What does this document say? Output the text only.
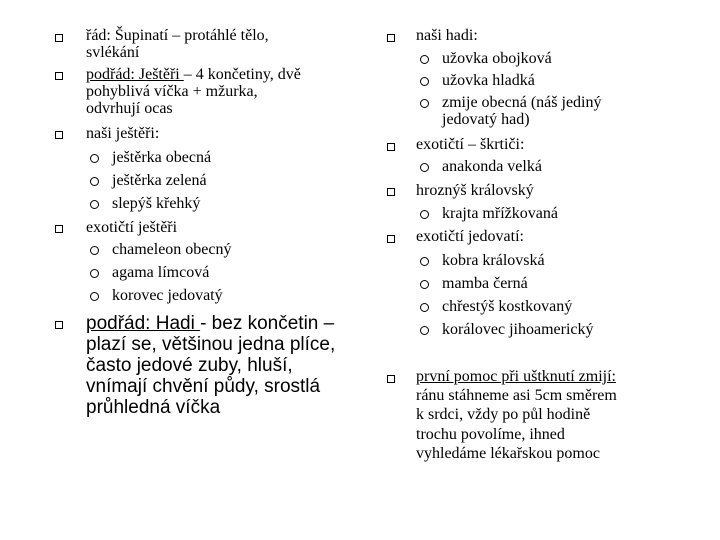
řád: Šupinatí – protáhlé tělo,
svlékání
podřád: Ještěři – 4 končetiny, dvě
pohyblivá víčka + mžurka,
odvrhují ocas
naši ještěři:
ještěrka obecná
ještěrka zelená
slepýš křehký
exotičtí ještěři
chameleon obecný
agama límcová
korovec jedovatý
podřád: Hadi - bez končetin –
plazí se, většinou jedna plíce,
často jedové zuby, hluší,
vnímají chvění půdy, srostlá
průhledná víčka
naši hadi:
užovka obojková
užovka hladká
zmije obecná (náš jediný
jedovatý had)
exotičtí – škrtiči:
anakonda velká
hroznýš královský
krajta mřížkovaná
exotičtí jedovatí:
kobra královská
mamba černá
chřestýš kostkovaný
korálovec jihoamerický
první pomoc při uštknutí zmijí:
ránu stáhneme asi 5cm směrem
k srdci, vždy po půl hodině
trochu povolíme, ihned
vyhledáme lékařskou pomoc
